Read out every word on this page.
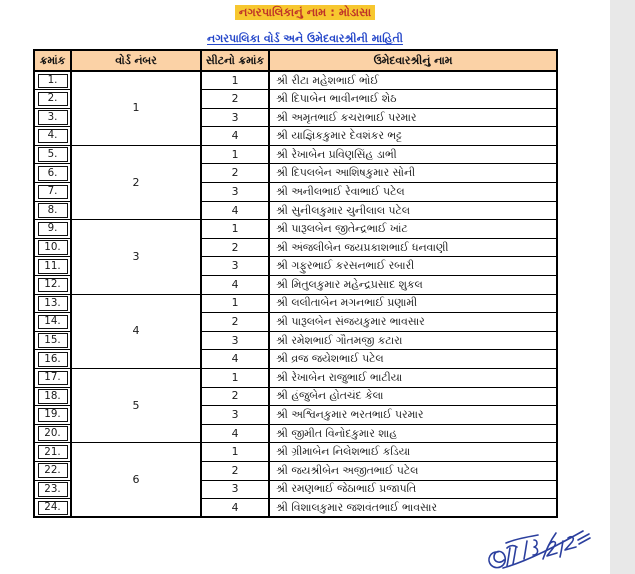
નગરપાલિકાનું નામ : મોડાસા
નગરપાલિકા વોર્ડ અને ઉમેદવારશ્રીની માહિતી
ક્રમાંક	વોર્ડ નંબર	સીટનો ક્રમાંક	ઉમેદવારશ્રીનું નામ

1.	1	1	શ્રી રીટા મહેશભાઈ ભોઈ

2.		2	શ્રી દિપાબેન ભાવીનભાઈ શેઠ

3.		3	શ્રી અમૃતભાઈ કચરાભાઈ પરમાર

4.		4	શ્રી યાજ્ઞિકકુમાર દેવશંકર ભટ્ટ

5.	2	1	શ્રી રેખાબેન પ્રવિણસિંહ ડાભી

6.		2	શ્રી દિપલબેન આશિષકુમાર સોની

7.		3	શ્રી અનીલભાઈ રેવાભાઈ પટેલ

8.		4	શ્રી સુનીલકુમાર ચુનીલાલ પટેલ

9.	3	1	શ્રી પારૂલબેન જીતેન્દ્રભાઈ ખાંટ

10.		2	શ્રી અંજલીબેન જયપ્રકાશભાઈ ધનવાણી

11.		3	શ્રી ગફુરભાઈ કરસનભાઈ રબારી

12.		4	શ્રી મિતુલકુમાર મહેન્દ્રપ્રસાદ શુકલ

13.	4	1	શ્રી લલીતાબેન મગનભાઈ પ્રણામી

14.		2	શ્રી પારૂલબેન સંજયકુમાર ભાવસાર

15.		3	શ્રી રમેશભાઈ ગૌતમજી કટારા

16.		4	શ્રી વ્રજ જયેશભાઈ પટેલ

17.	5	1	શ્રી રેખાબેન રાજુભાઈ ભાટીયા

18.		2	શ્રી હંજુબેન હોતચંદ કેલા

19.		3	શ્રી અશ્વિનકુમાર ભરતભાઈ પરમાર

20.		4	શ્રી જીમીત વિનોદકુમાર શાહ

21.	6	1	શ્રી ગ્રીમાબેન નિલેશભાઈ કડિયા

22.		2	શ્રી જયશ્રીબેન અજીતભાઈ પટેલ

23.		3	શ્રી રમણભાઈ જેઠાભાઈ પ્રજાપતિ

24.		4	શ્રી વિશાલકુમાર જશવંતભાઈ ભાવસાર
